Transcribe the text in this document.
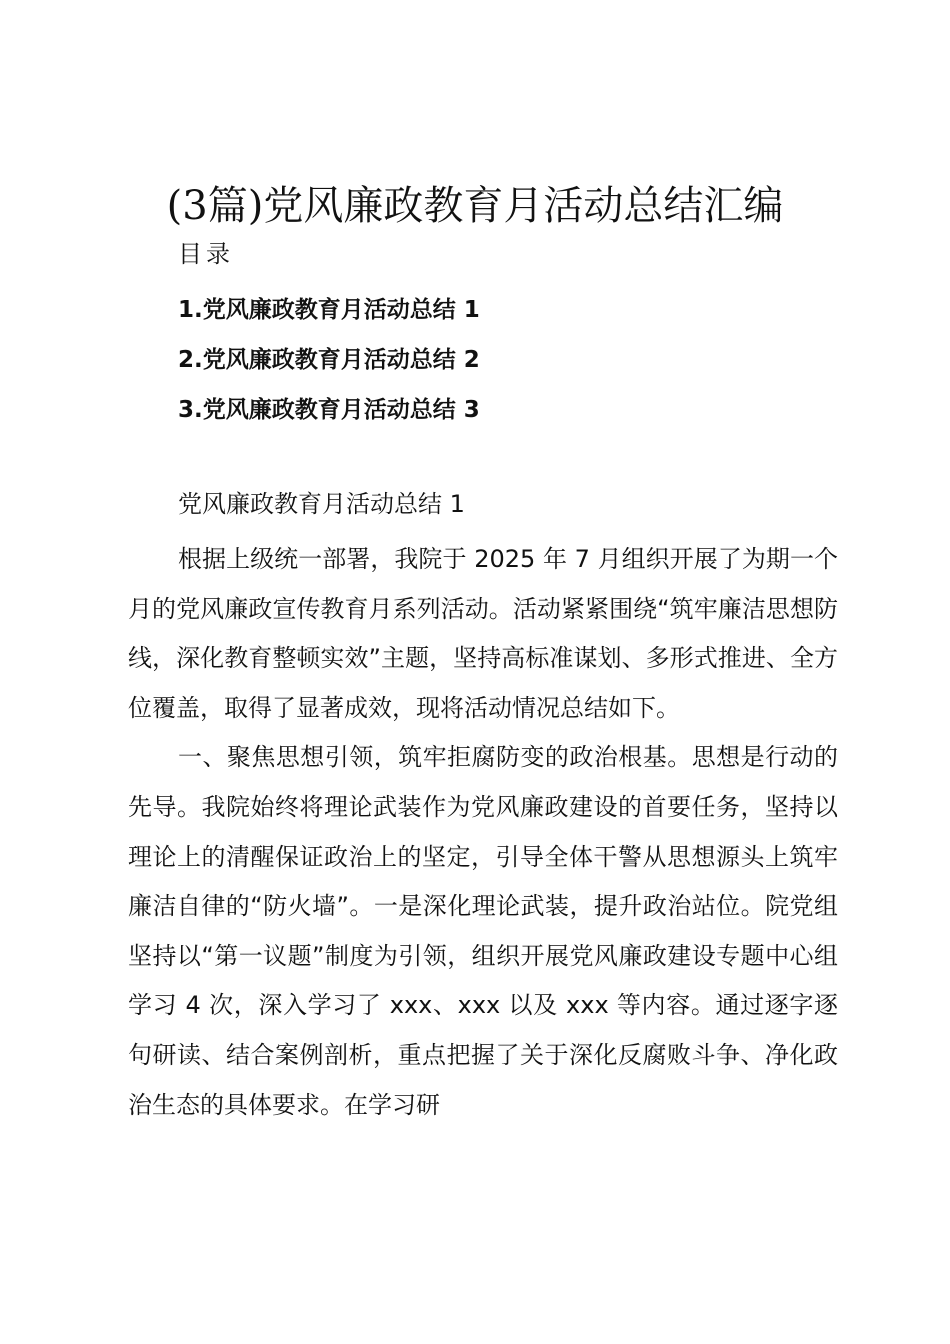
(3篇)党风廉政教育月活动总结汇编
目录
1.党风廉政教育月活动总结 1
2.党风廉政教育月活动总结 2
3.党风廉政教育月活动总结 3
党风廉政教育月活动总结 1

根据上级统一部署，我院于 2025 年 7 月组织开展了为期一个月的党风廉政宣传教育月系列活动。活动紧紧围绕“筑牢廉洁思想防线，深化教育整顿实效”主题，坚持高标准谋划、多形式推进、全方位覆盖，取得了显著成效，现将活动情况总结如下。

一、聚焦思想引领，筑牢拒腐防变的政治根基。思想是行动的先导。我院始终将理论武装作为党风廉政建设的首要任务，坚持以理论上的清醒保证政治上的坚定，引导全体干警从思想源头上筑牢廉洁自律的“防火墙”。一是深化理论武装，提升政治站位。院党组坚持以“第一议题”制度为引领，组织开展党风廉政建设专题中心组学习 4 次，深入学习了 xxx、xxx 以及 xxx 等内容。通过逐字逐句研读、结合案例剖析，重点把握了关于深化反腐败斗争、净化政治生态的具体要求。在学习研
